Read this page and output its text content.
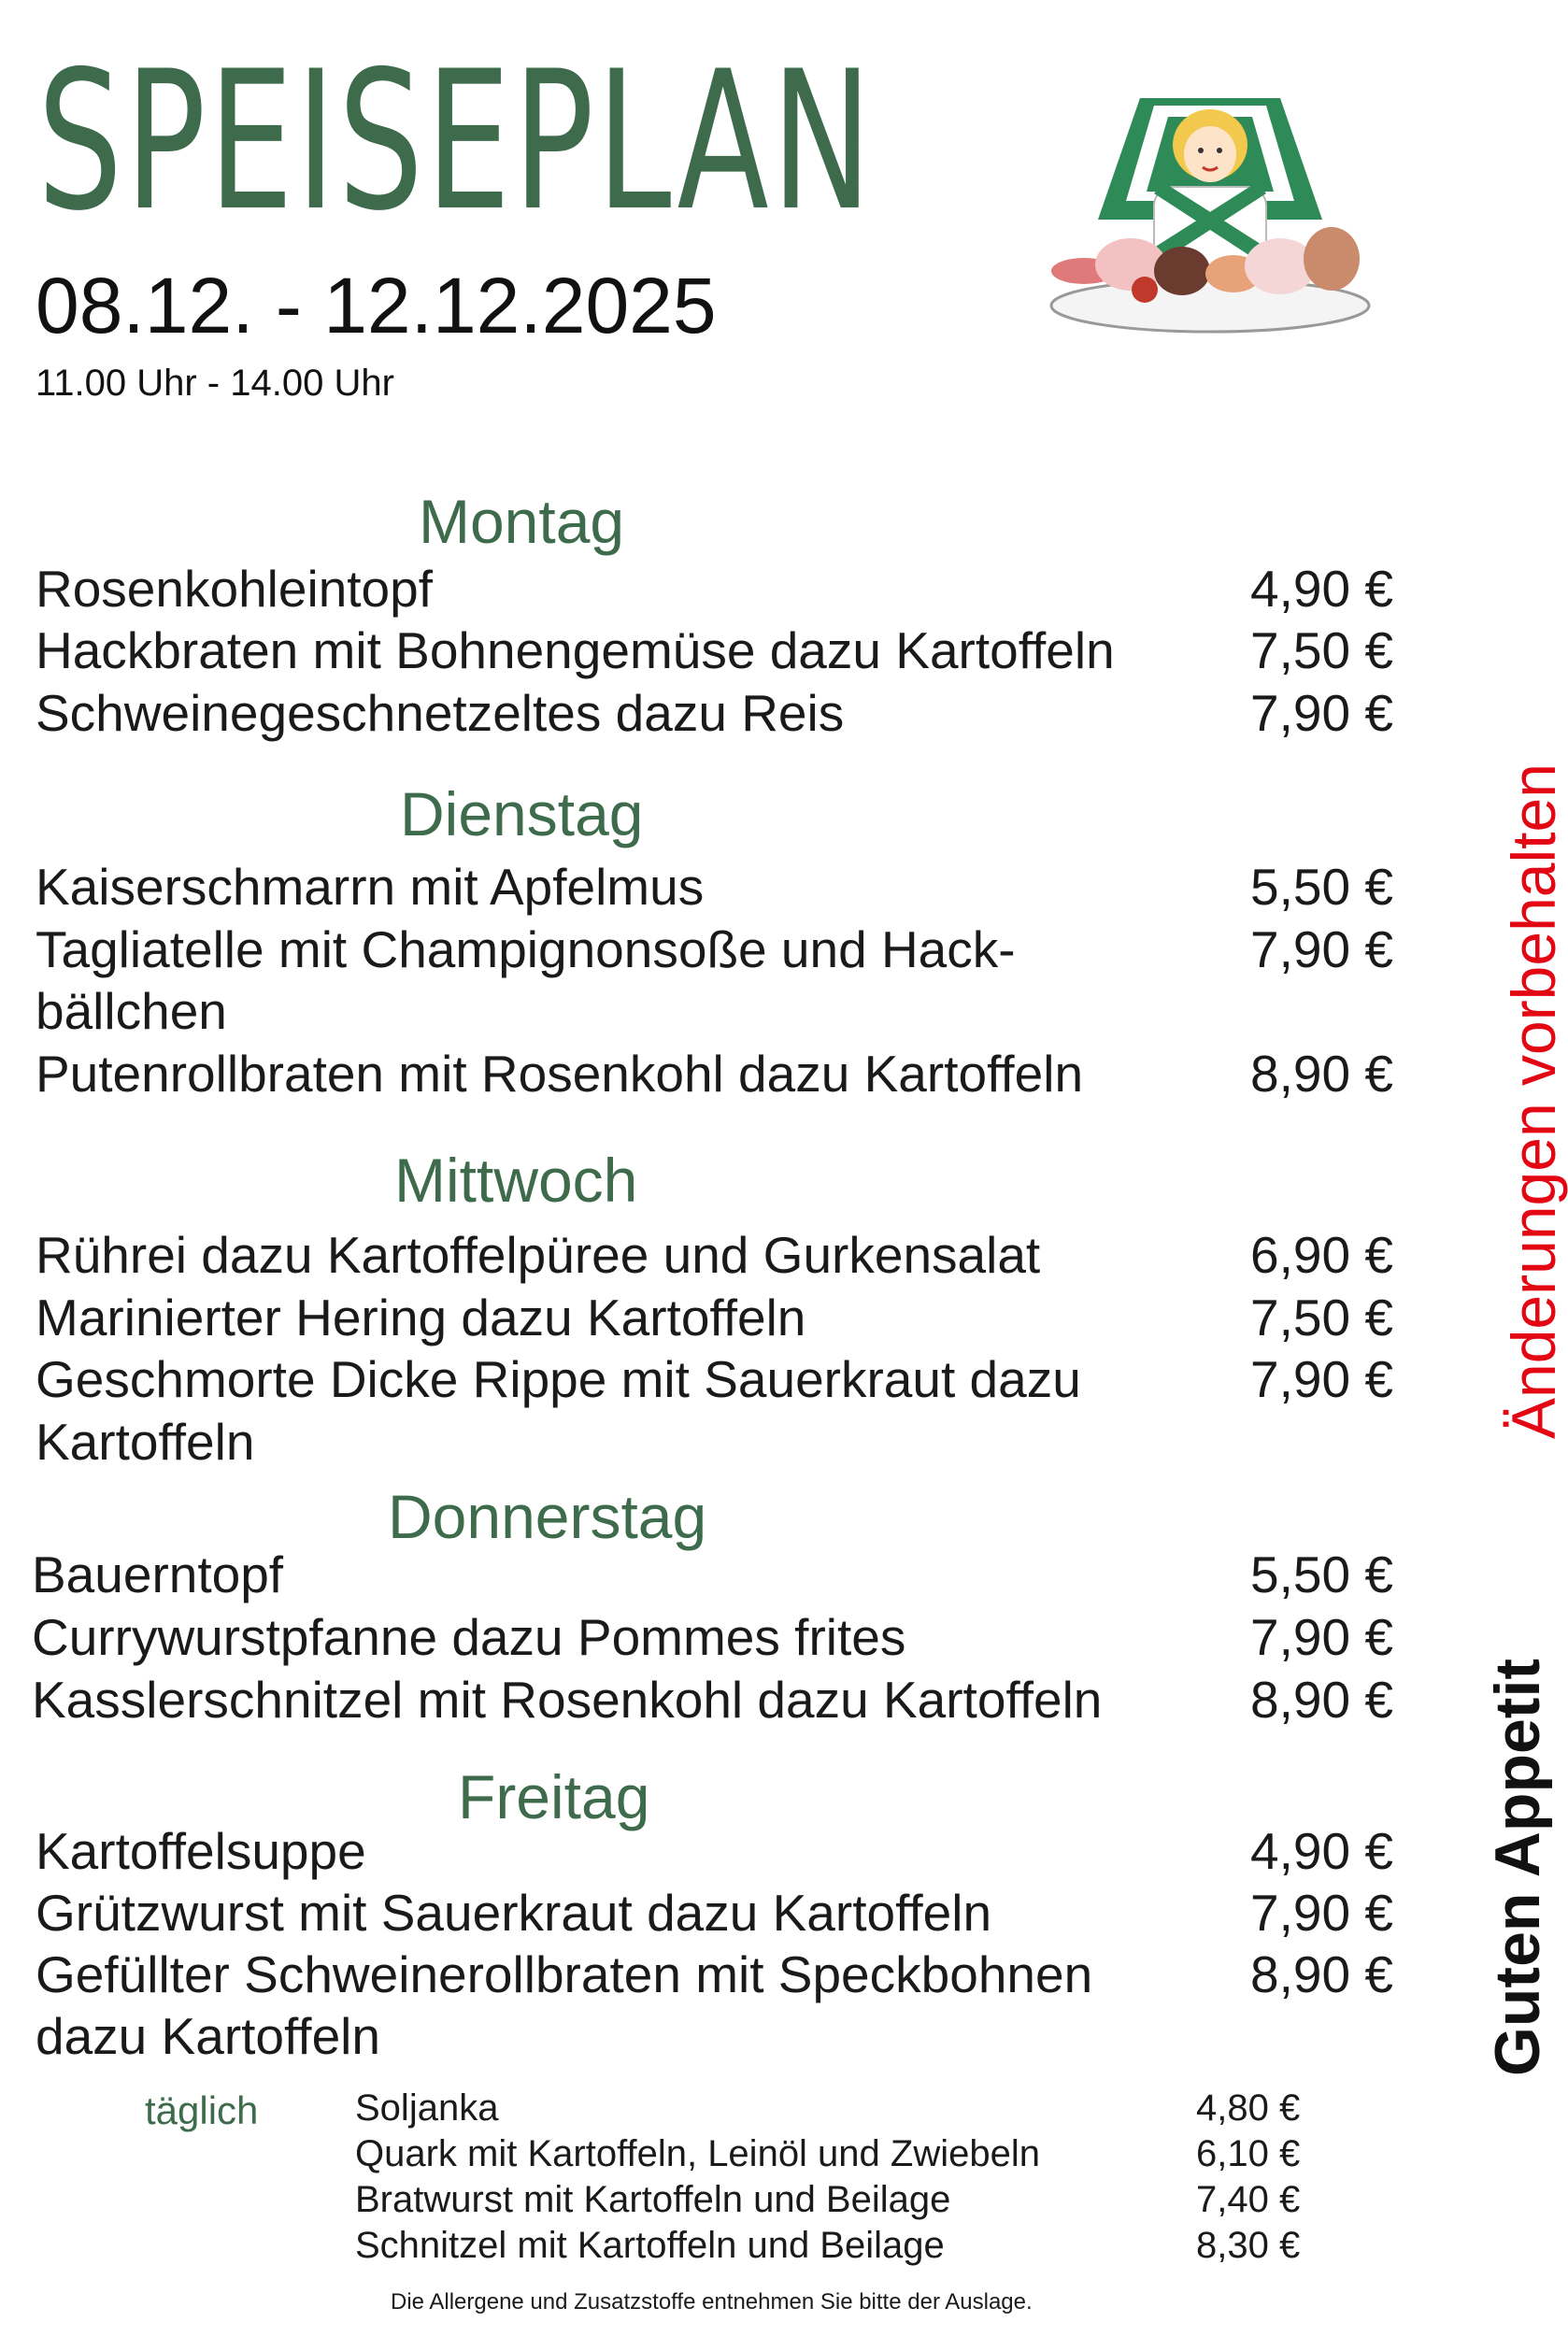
SPEISEPLAN
08.12. - 12.12.2025
11.00 Uhr - 14.00 Uhr
Montag
Rosenkohleintopf	4,90 €
Hackbraten mit Bohnengemüse dazu Kartoffeln	7,50 €
Schweinegeschnetzeltes dazu Reis	7,90 €
Dienstag
Kaiserschmarrn mit Apfelmus	5,50 €
Tagliatelle mit Champignonsoße und Hack-
bällchen
7,90 €
Putenrollbraten mit Rosenkohl dazu Kartoffeln	8,90 €
Mittwoch
Rührei dazu Kartoffelpüree und Gurkensalat	6,90 €
Marinierter Hering dazu Kartoffeln	7,50 €
Geschmorte Dicke Rippe mit Sauerkraut dazu
Kartoffeln
7,90 €
Donnerstag
Bauerntopf	5,50 €
Currywurstpfanne dazu Pommes frites	7,90 €
Kasslerschnitzel mit Rosenkohl dazu Kartoffeln	8,90 €
Freitag
Kartoffelsuppe	4,90 €
Grützwurst mit Sauerkraut dazu Kartoffeln	7,90 €
Gefüllter Schweinerollbraten mit Speckbohnen
dazu Kartoffeln
8,90 €
täglich	Soljanka	4,80 €
Quark mit Kartoffeln, Leinöl und Zwiebeln	6,10 €
Bratwurst mit Kartoffeln und Beilage	7,40 €
Schnitzel mit Kartoffeln und Beilage	8,30 €
Die Allergene und Zusatzstoffe entnehmen Sie bitte der Auslage.
Änderungen vorbehalten
Guten Appetit
